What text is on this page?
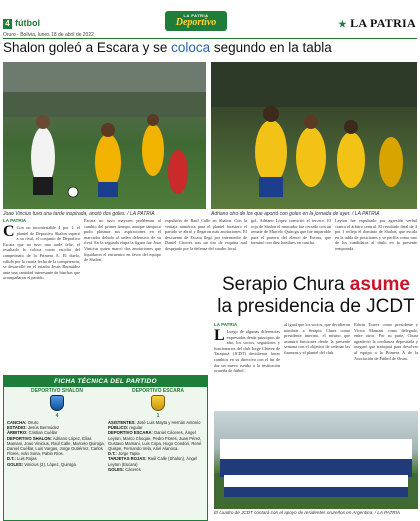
4 fútbol
LA PATRIA
Deportivo	★ LA PATRIA
Oruro - Bolivia, lunes 18 de abril de 2022
Shalon goleó a Escara y se coloca segundo en la tabla
Joao Vincius tuvo una tarde inspirada, anotó dos goles. / LA PATRIA	Adriano otro de los que aportó con goles en la jornada de ayer. / LA PATRIA
LA PATRIA

C Con un incontestable 4 por 1, el plantel de Deportivo Shalon superó a su rival, el conjunto de Deportivo Escara que no tuvo una tarde feliz, el resultado lo coloca como escolta del campeonato de la Primera A. El duelo, válido por la cuarta fecha de la competencia, se desarrolló en el estadio Jesús Bermúdez ante una cantidad interesante de hinchas que acompañaron el partido.

Escara no tuvo mayores problemas al cambio del primer tiempo, aunque tampoco pudo plasmar sus aspiraciones en el marcador debido al orden defensivo de su rival. En la segunda etapa la figura fue Joao Vinicius quien marcó dos anotaciones que liquidaron el encuentro en favor del equipo de Shalon.

expulsión de Raúl Calle en Shalon. Con la ventaja numérica para el plantel forastero el partido se abrió y llegaron más anotaciones. El descuento de Escara llegó por intermedio de Daniel Cáceres tras un tiro de esquina mal despejado por la defensa del cuadro local.

gol, Adriano López convirtió el tercero. El rojo de Shalon el marcador fue cerrado con un remate de Marcelo Quiroga que fue imparable para el portero del elenco de Escara, que terminó con diez hombres en cancha.

Leyton fue expulsado por agresión verbal contra el árbitro central. El resultado final de 4 por 1 refleja el dominio de Shalon, que escala en la tabla de posiciones y se perfila como uno de los candidatos al título en la presente temporada.

Serapio Chura asume la presidencia de JCDT
LA PATRIA

L Luego de algunas diferencias expresadas desde principios de año, los socios, seguidores y funcionarios del club Jorge Chávez de Tarapacá (JCDT) decidieron hacer cambios en su directiva con el fin de dar un nuevo rumbo a la institución orureña de fútbol.

al igual que los socios, que decidieron nombrar a Serapio Chura como presidente interino, el mismo que asumirá funciones desde la presente semana con el objetivo de ordenar las finanzas y el plantel del club.

Edwin Torrez como presidente y Víctor Mamani como delegado, entre otros. Por su parte, Chura agradeció la confianza depositada y aseguró que trabajará para devolver al equipo a la Primera A de la Asociación de Fútbol de Oruro.

El cuadro de JCDT contará con el apoyo de residentes orureños en Argentina. / LA PATRIA
FICHA TÉCNICA DEL PARTIDO
DEPORTIVO SHALON
4
CANCHA: Oruro
ESTADIO: Jesús Bermúdez
ÁRBITRO: Cristian Cuéllar
DEPORTIVO SHALON: Adriano López, Elías Mamani, Joao Vinicius, Raúl Calle, Marcelo Quiroga, Daniel Cuéllar, Luis Vargas, Jorge Gutiérrez, Carlos Flores, Iván Soria, Pablo Ríos.
D.T.: Luis Rojas
GOLES: Vinicius (2), López, Quiroga
DEPORTIVO ESCARA
1
ASISTENTES: José Luis Mayta y Hernán Antonio
PÚBLICO: regular
DEPORTIVO ESCARA: Daniel Cáceres, Ángel Leyton, Marco Choque, Pedro Flores, Juan Pérez, Gustavo Mamani, Luis Copa, Hugo Condori, René Quispe, Fernando Vela, Ariel Alanoca.
D.T.: Jorge Tapia
TARJETAS ROJAS: Raúl Calle (Shalon), Ángel Leyton (Escara)
GOLES: Cáceres
